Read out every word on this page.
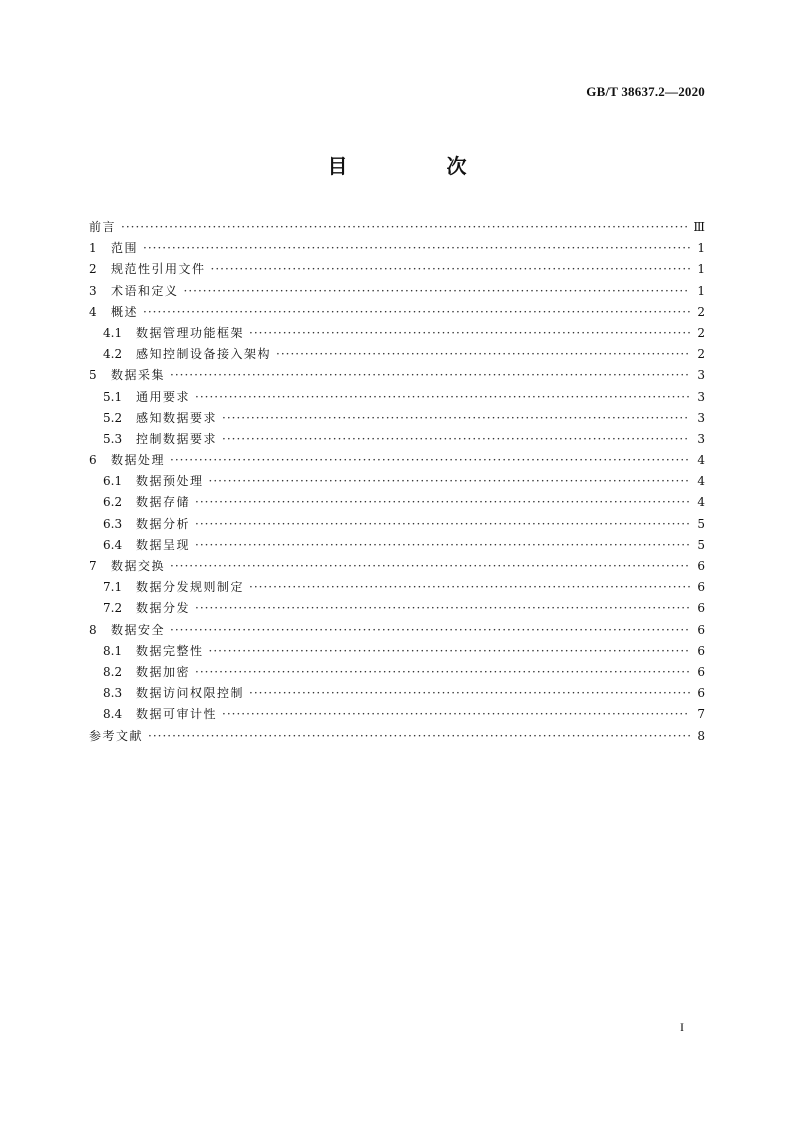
GB/T 38637.2—2020
目 次
前言 ·····	Ⅲ
1	范围 ·····	1
2	规范性引用文件 ·····	1
3	术语和定义 ·····	1
4	概述 ·····	2
4.1	数据管理功能框架 ·····	2
4.2	感知控制设备接入架构 ·····	2
5	数据采集 ·····	3
5.1	通用要求 ·····	3
5.2	感知数据要求 ·····	3
5.3	控制数据要求 ·····	3
6	数据处理 ·····	4
6.1	数据预处理 ·····	4
6.2	数据存储 ·····	4
6.3	数据分析 ·····	5
6.4	数据呈现 ·····	5
7	数据交换 ·····	6
7.1	数据分发规则制定 ·····	6
7.2	数据分发 ·····	6
8	数据安全 ·····	6
8.1	数据完整性 ·····	6
8.2	数据加密 ·····	6
8.3	数据访问权限控制 ·····	6
8.4	数据可审计性 ·····	7
参考文献 ·····	8
I
